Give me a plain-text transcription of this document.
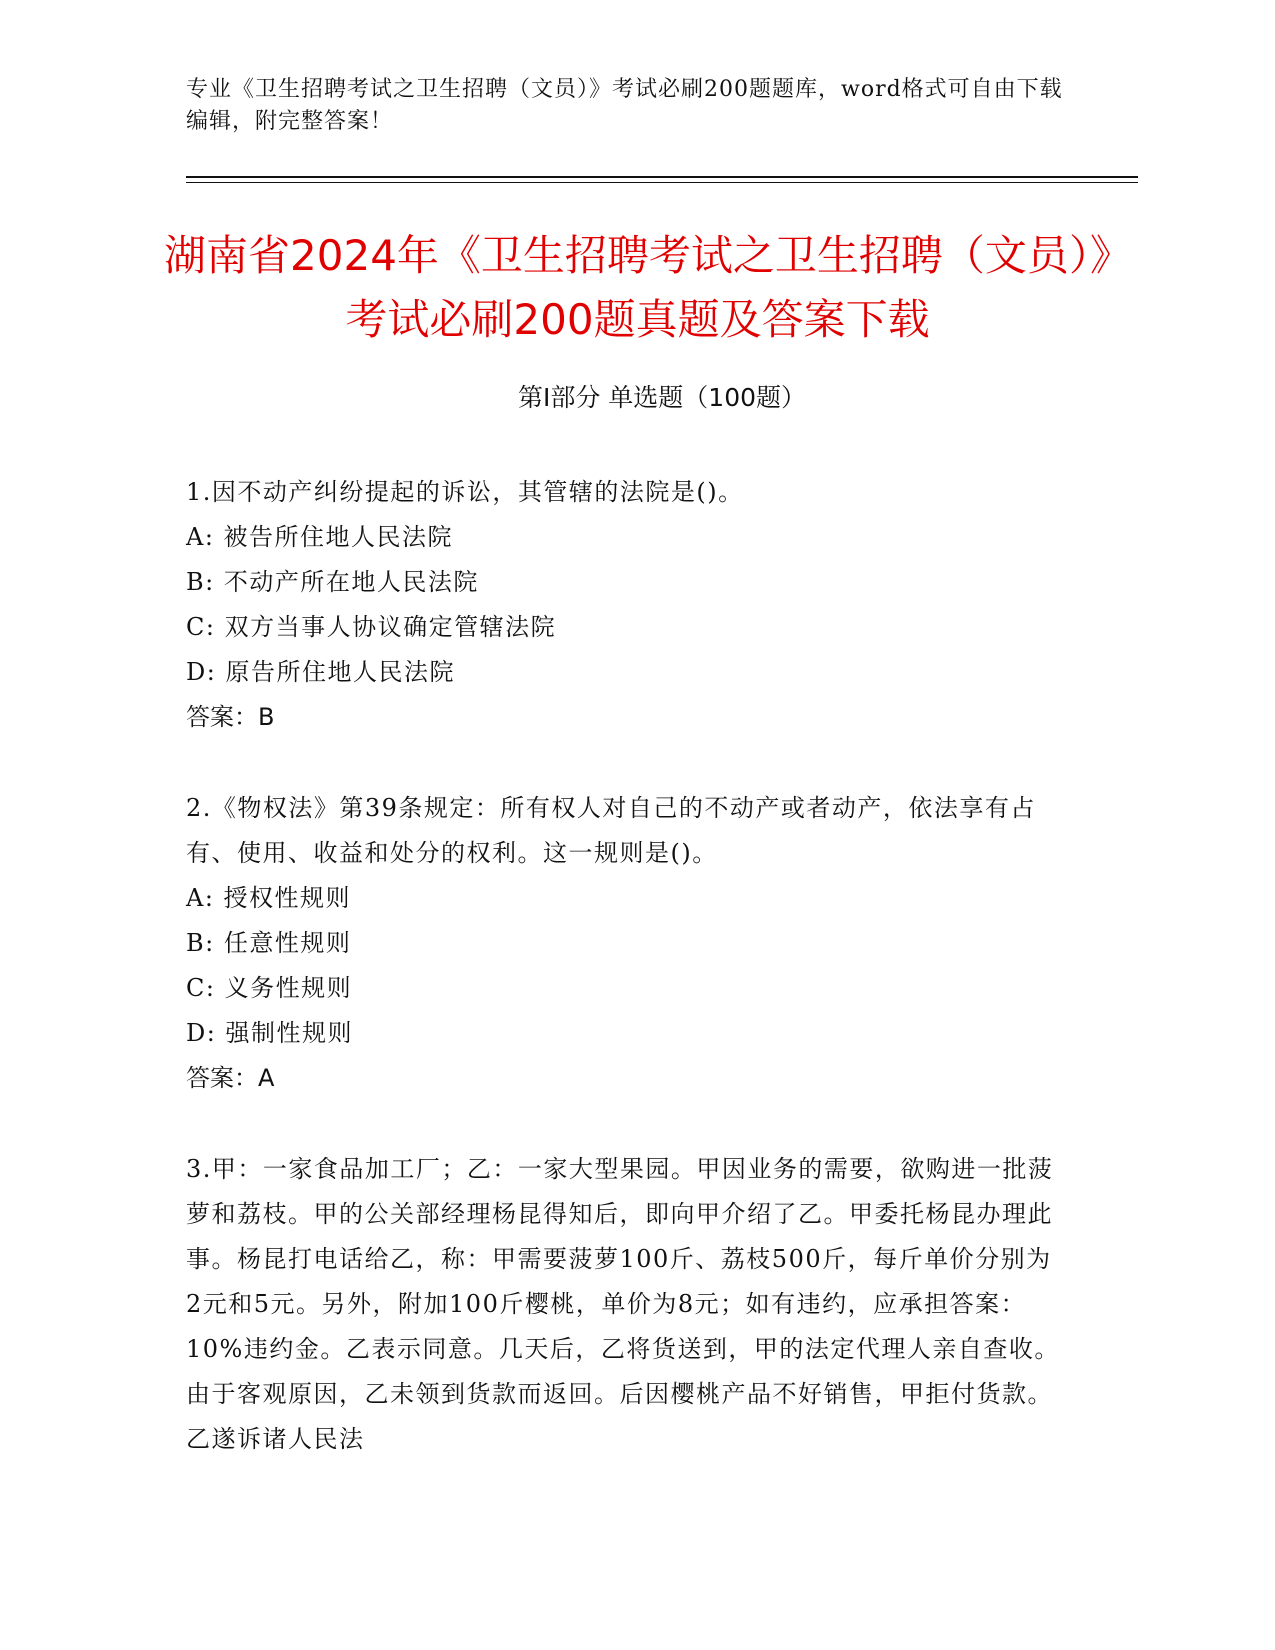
专业《卫生招聘考试之卫生招聘（文员）》考试必刷200题题库，word格式可自由下载编辑，附完整答案！
湖南省2024年《卫生招聘考试之卫生招聘（文员）》考试必刷200题真题及答案下载
第Ⅰ部分 单选题（100题）

1.因不动产纠纷提起的诉讼，其管辖的法院是()。

A: 被告所住地人民法院

B: 不动产所在地人民法院

C: 双方当事人协议确定管辖法院

D: 原告所住地人民法院

答案：B

2.《物权法》第39条规定：所有权人对自己的不动产或者动产，依法享有占有、使用、收益和处分的权利。这一规则是()。

A: 授权性规则

B: 任意性规则

C: 义务性规则

D: 强制性规则

答案：A

3.甲：一家食品加工厂；乙：一家大型果园。甲因业务的需要，欲购进一批菠萝和荔枝。甲的公关部经理杨昆得知后，即向甲介绍了乙。甲委托杨昆办理此事。杨昆打电话给乙，称：甲需要菠萝100斤、荔枝500斤，每斤单价分别为2元和5元。另外，附加100斤樱桃，单价为8元；如有违约，应承担答案：10%违约金。乙表示同意。几天后，乙将货送到，甲的法定代理人亲自查收。由于客观原因，乙未领到货款而返回。后因樱桃产品不好销售，甲拒付货款。乙遂诉诸人民法
